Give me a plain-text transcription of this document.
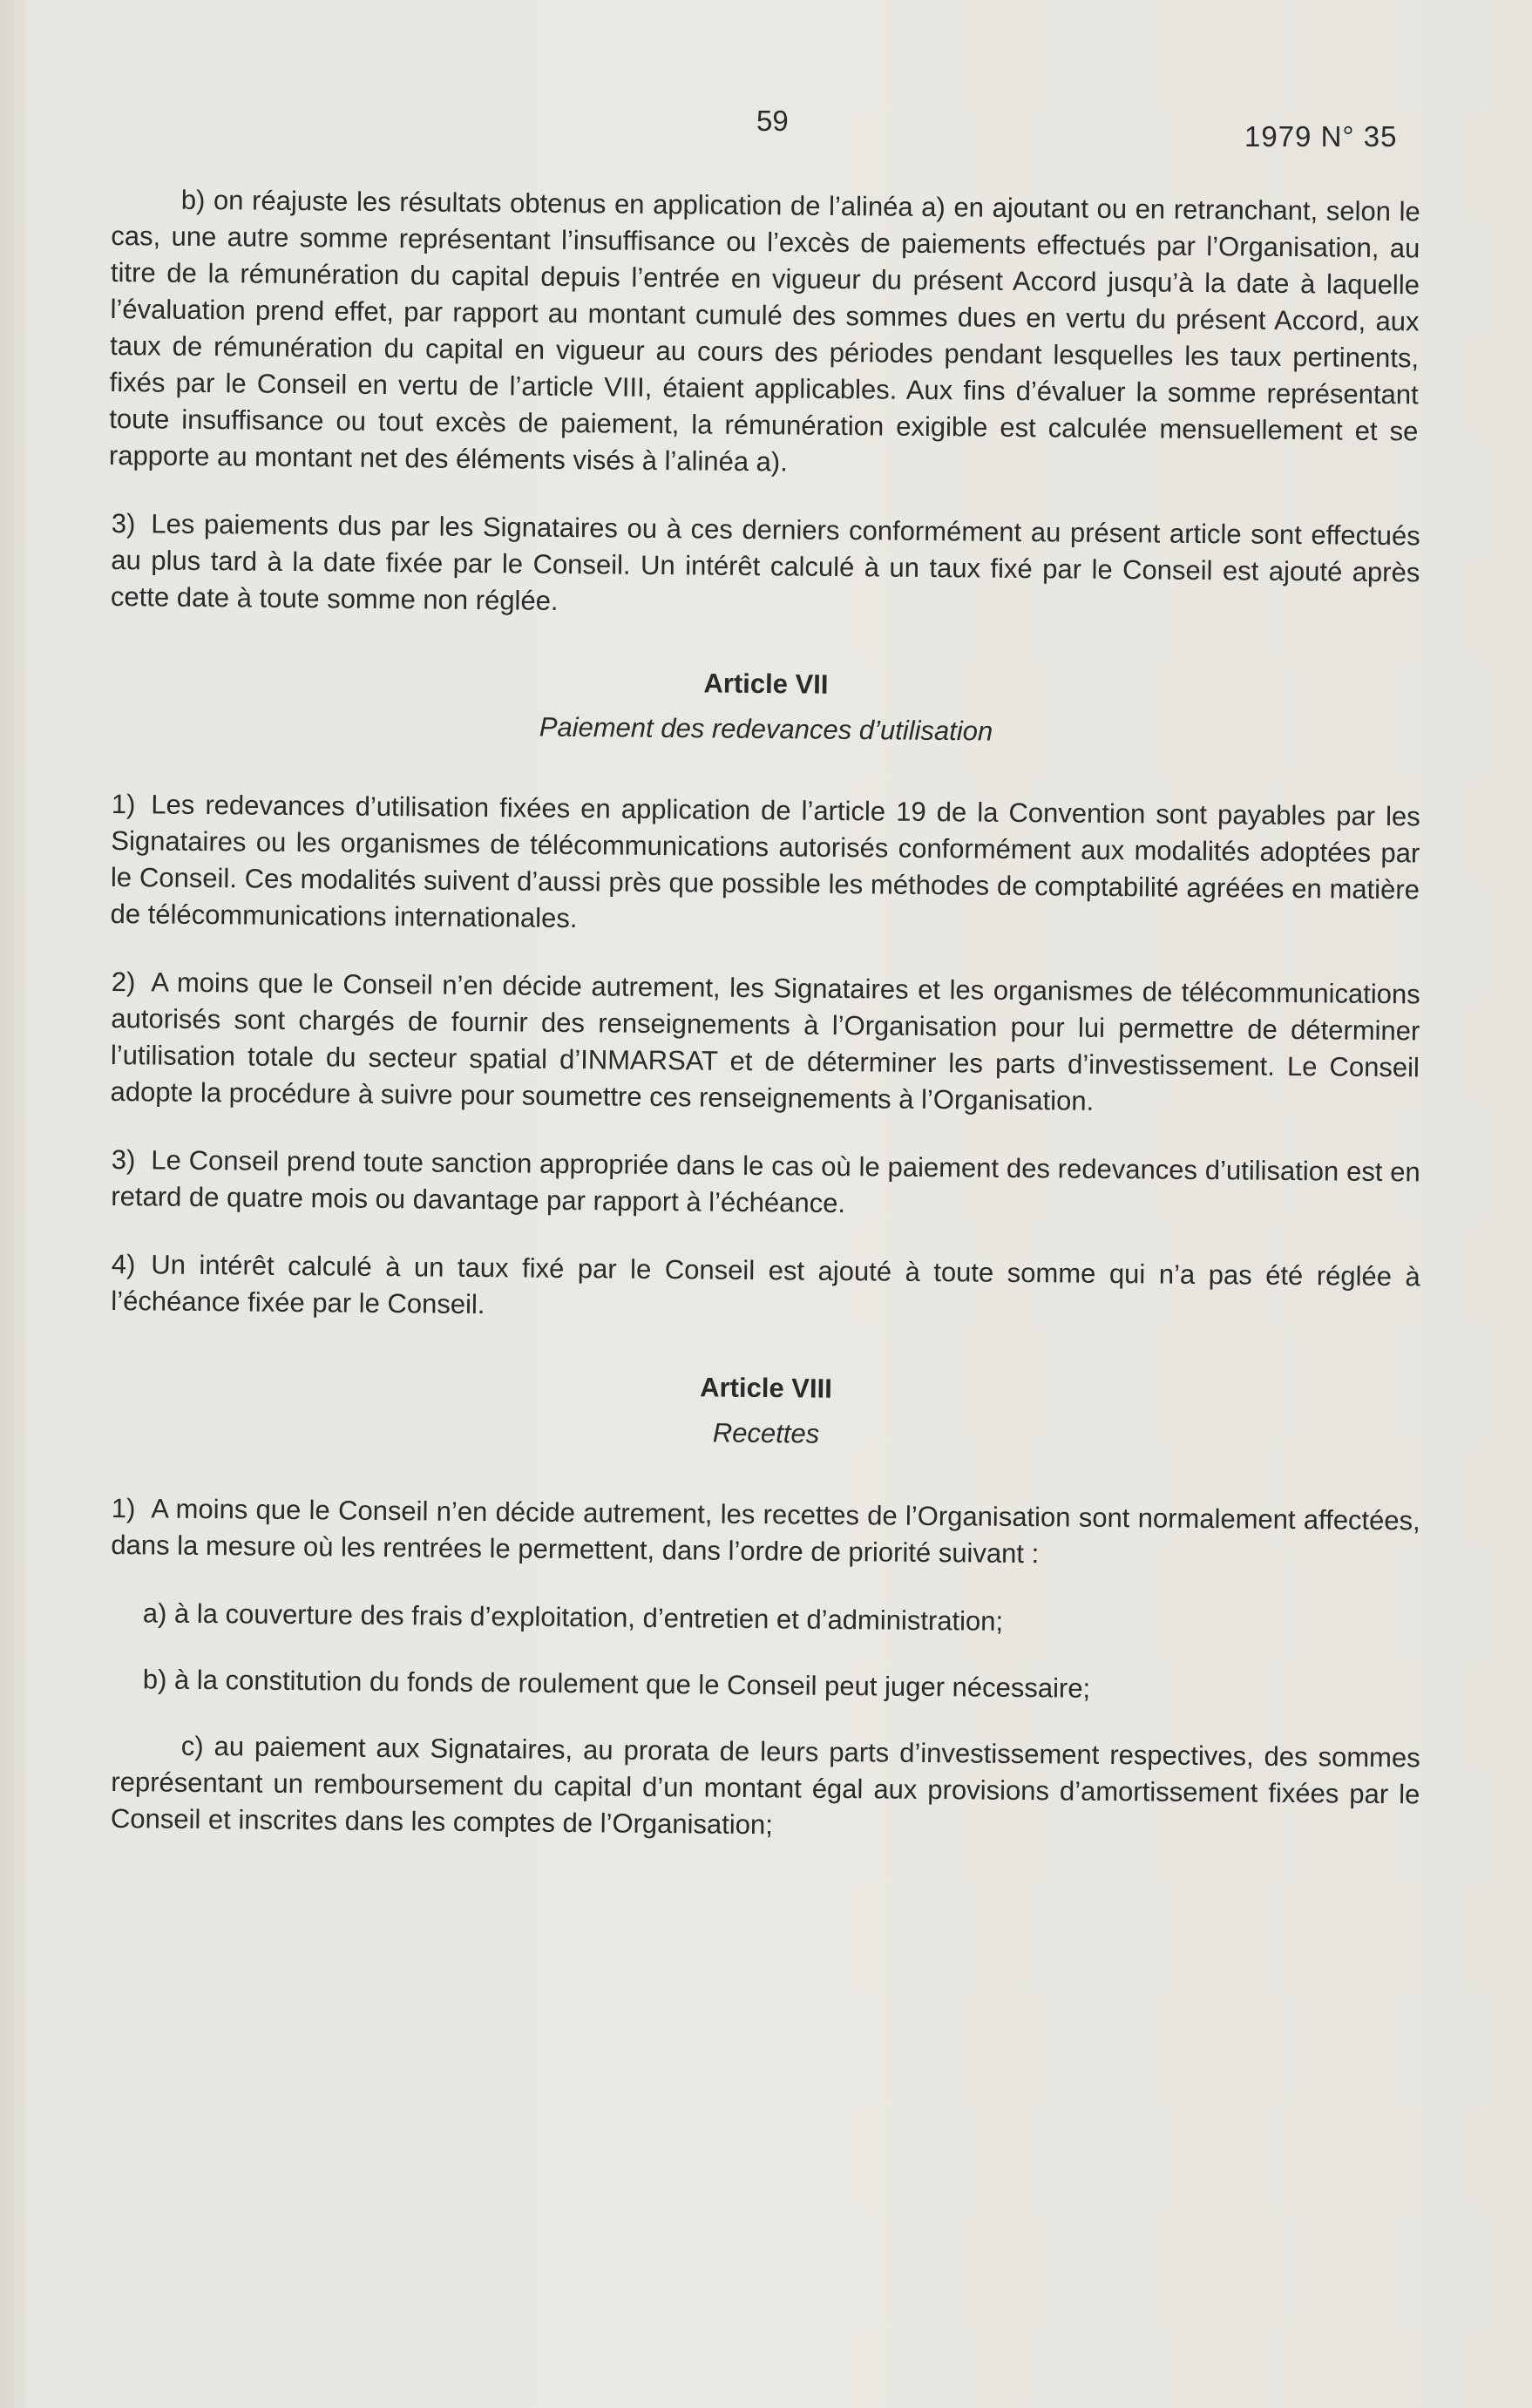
59	1979 N° 35

b) on réajuste les résultats obtenus en application de l’alinéa a) en ajoutant ou en retranchant, selon le cas, une autre somme représentant l’insuffisance ou l’excès de paiements effectués par l’Organisation, au titre de la rémunération du capital depuis l’entrée en vigueur du présent Accord jusqu’à la date à laquelle l’évaluation prend effet, par rapport au montant cumulé des sommes dues en vertu du présent Accord, aux taux de rémunération du capital en vigueur au cours des périodes pendant lesquelles les taux pertinents, fixés par le Conseil en vertu de l’article VIII, étaient applicables. Aux fins d’évaluer la somme représentant toute insuffisance ou tout excès de paiement, la rémunération exigible est calculée mensuellement et se rapporte au montant net des éléments visés à l’alinéa a).

3) Les paiements dus par les Signataires ou à ces derniers conformément au présent article sont effectués au plus tard à la date fixée par le Conseil. Un intérêt calculé à un taux fixé par le Conseil est ajouté après cette date à toute somme non réglée.

Article VII
Paiement des redevances d’utilisation

1) Les redevances d’utilisation fixées en application de l’article 19 de la Convention sont payables par les Signataires ou les organismes de télécommunications autorisés conformément aux modalités adoptées par le Conseil. Ces modalités suivent d’aussi près que possible les méthodes de comptabilité agréées en matière de télécommunications internationales.

2) A moins que le Conseil n’en décide autrement, les Signataires et les organismes de télécommunications autorisés sont chargés de fournir des renseignements à l’Organisation pour lui permettre de déterminer l’utilisation totale du secteur spatial d’INMARSAT et de déterminer les parts d’investissement. Le Conseil adopte la procédure à suivre pour soumettre ces renseignements à l’Organisation.

3) Le Conseil prend toute sanction appropriée dans le cas où le paiement des redevances d’utilisation est en retard de quatre mois ou davantage par rapport à l’échéance.

4) Un intérêt calculé à un taux fixé par le Conseil est ajouté à toute somme qui n’a pas été réglée à l’échéance fixée par le Conseil.

Article VIII
Recettes

1) A moins que le Conseil n’en décide autrement, les recettes de l’Organisation sont normalement affectées, dans la mesure où les rentrées le permettent, dans l’ordre de priorité suivant :

a) à la couverture des frais d’exploitation, d’entretien et d’administration;

b) à la constitution du fonds de roulement que le Conseil peut juger nécessaire;

c) au paiement aux Signataires, au prorata de leurs parts d’investissement respectives, des sommes représentant un remboursement du capital d’un montant égal aux provisions d’amortissement fixées par le Conseil et inscrites dans les comptes de l’Organisation;
